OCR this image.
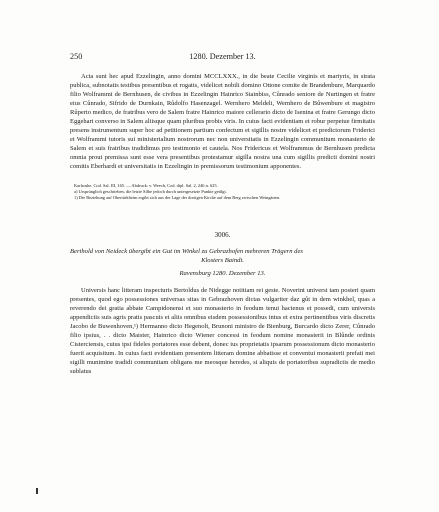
250	1280. Dezember 13.

Acta sunt hec apud Ezzelingin, anno domini MCCLXXX., in die beate Cecilie virginis et martyris, in strata publica, subnotatis testibus presentibus et rogatis, videlicet nobili domino Ottone comite de Brandenbure, Marquardo filio Wolframmi de Bernhusen, de civibus in Ezzelingin Hainrico Stainbiss, Cůnrado seniore de Nurtingen et fratre eius Cůnrado, Sifrido de Durnkain, Růdolfo Hasenzagel. Wernhero Meldeli, Wernhero de Bůwenbure et magistro Růperto medico, de fratribus vero de Salem fratre Hainrico maiore cellerario dicto de Isenina et fratre Gerungo dicto Eggehart converso in Salem aliisque quam pluribus probis viris. In cuius facti evidentiam et robur perpetue firmitatis presens instrumentum super hoc ad petitionem partium confectum et sigillis nostre videlicet et predictorum Friderici et Wolframmi tutoris sui ministerialium nostrorum nec non universitatis in Ezzelingin communitum monasterio de Salem et suis fratribus tradidimus pro testimonio et cautela. Nos Fridericus et Wolframmus de Bernhusen predicta omnia prout premissa sunt esse vera presentibus protestamur sigilla nostra una cum sigillis predicti domini nostri comitis Eberhardi et universitatis in Ezzelingin in premissorum testimonium apponentes.

Karlsruhe. Cod. Sal. III, 165. — Abdruck: v. Weech, Cod. dipl. Sal. 2, 246 n. 625.

a) Ursprünglich geschrieben, die letzte Silbe jedoch durch untergesetzte Punkte getilgt.

1) Die Beziehung auf Obertürkheim ergibt sich aus der Lage der dortigen Kirche auf dem Berg zwischen Weingärten.

3006.

Berthold von Neideck übergibt ein Gut im Winkel zu Gebrazhofen mehreren Trägern des

Klosters Baindt.

Ravensburg 1280. Dezember 13.

Universis hanc litteram inspecturis Bertoldus de Nidegge notitiam rei geste. Noverint universi tam posteri quam presentes, quod ego possessiones universas sitas in Gebrazhoven dictas vulgariter daz gůt in dem winkhel, quas a reverendo dei gratia abbate Campidonensi et suo monasterio in feodum tenui hactenus et possedi, cum universis appendiciis suis agris pratis pascuis et aliis omnibus eisdem possessionibus intus et extra pertinentibus viris discretis Jacobo de Buwenhoven,¹) Hermanno dicto Hegenolt, Brunoni ministro de Bienburg, Burcardo dicto Zerer, Cůnrado filio ipsius, . . dicto Maister, Hainrico dicto Wiener concessi in feodum nomine monasterii in Blůnde ordinis Cisterciensis, cuius ipsi fideles portatores esse debent, donec ius proprietatis ipsarum possessionum dicto monasterio fuerit acquisitum. In cuius facti evidentiam presentem litteram domine abbatisse et conventui monasterii prefati mei sigilli munimine tradidi communitam obligans me meosque heredes, si aliquis de portatoribus supradictis de medio sublatus
